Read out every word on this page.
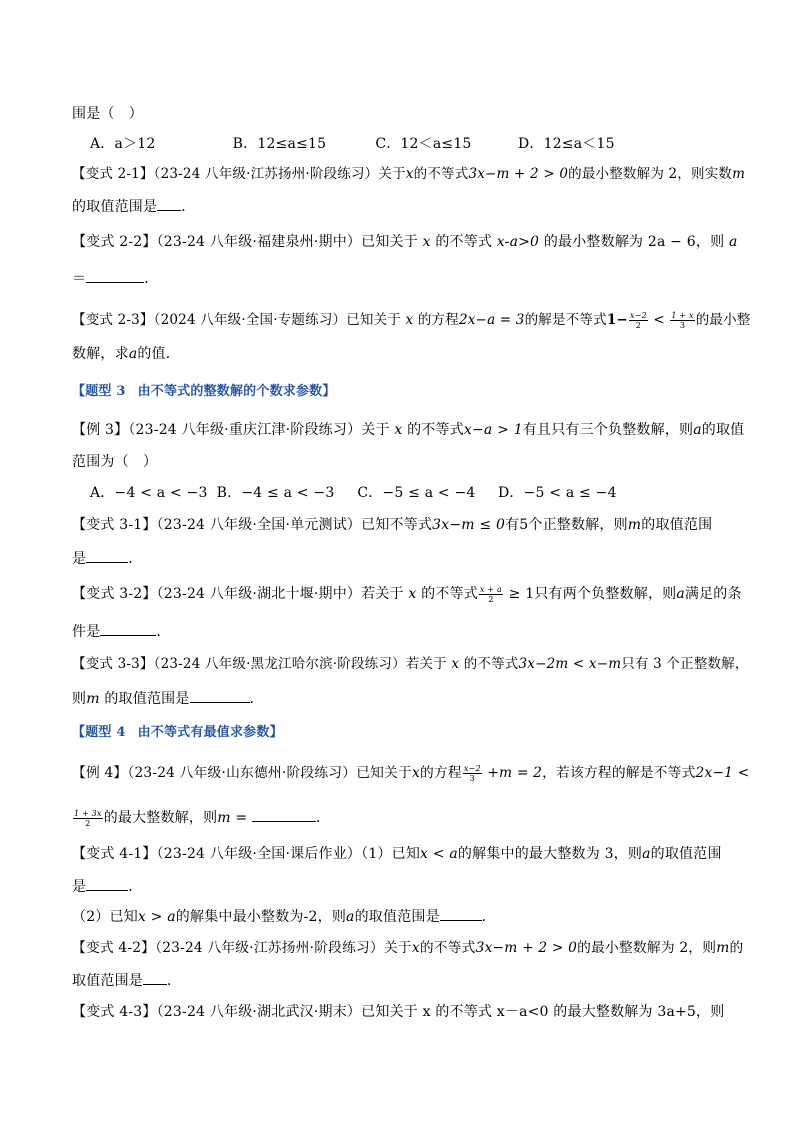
围是（　）
A．a＞12	B．12≤a≤15	C．12＜a≤15	D．12≤a＜15
【变式 2-1】（23-24 八年级·江苏扬州·阶段练习）关于x的不等式3x−m + 2 > 0的最小整数解为 2，则实数m
的取值范围是 ．
【变式 2-2】（23-24 八年级·福建泉州·期中）已知关于 x 的不等式 x-a>0 的最小整数解为 2a − 6，则 a
＝	．
【变式 2-3】（2024 八年级·全国·专题练习）已知关于 x 的方程2x−a = 3的解是不等式$1- \frac{x-2}{2} < \frac{1 + x}{3}$ 的最小整
数解，求a的值．
【题型 3 由不等式的整数解的个数求参数】
【例 3】（23-24 八年级·重庆江津·阶段练习）关于 x 的不等式x−a > 1有且只有三个负整数解，则a的取值
范围为（　）
A．−4 < a < −3 B．−4 ≤ a < −3 C．−5 ≤ a < −4 D．−5 < a ≤ −4
【变式 3-1】（23-24 八年级·全国·单元测试）已知不等式3x−m ≤ 0有5个正整数解，则m的取值范围
是	．
【变式 3-2】（23-24 八年级·湖北十堰·期中）若关于 x 的不等式 $\frac{x + a}{2} \ge 1$只有两个负整数解，则a满足的条
件是	．
【变式 3-3】（23-24 八年级·黑龙江哈尔滨·阶段练习）若关于 x 的不等式3x−2m < x−m只有 3 个正整数解，
则m 的取值范围是	．
【题型 4 由不等式有最值求参数】
【例 4】（23-24 八年级·山东德州·阶段练习）已知关于x的方程 $\frac{x-2}{3} +m = 2$，若该方程的解是不等式2x−1 <
$\frac{1 + 3x}{2}$ 的最大整数解，则m =	．
【变式 4-1】（23-24 八年级·全国·课后作业）（1）已知x < a的解集中的最大整数为 3，则a的取值范围
是	．
（2）已知x > a的解集中最小整数为-2，则a的取值范围是	．
【变式 4-2】（23-24 八年级·江苏扬州·阶段练习）关于x的不等式3x−m + 2 > 0的最小整数解为 2，则m的
取值范围是 ．
【变式 4-3】（23-24 八年级·湖北武汉·期末）已知关于 x 的不等式 x－a<0 的最大整数解为 3a+5，则
